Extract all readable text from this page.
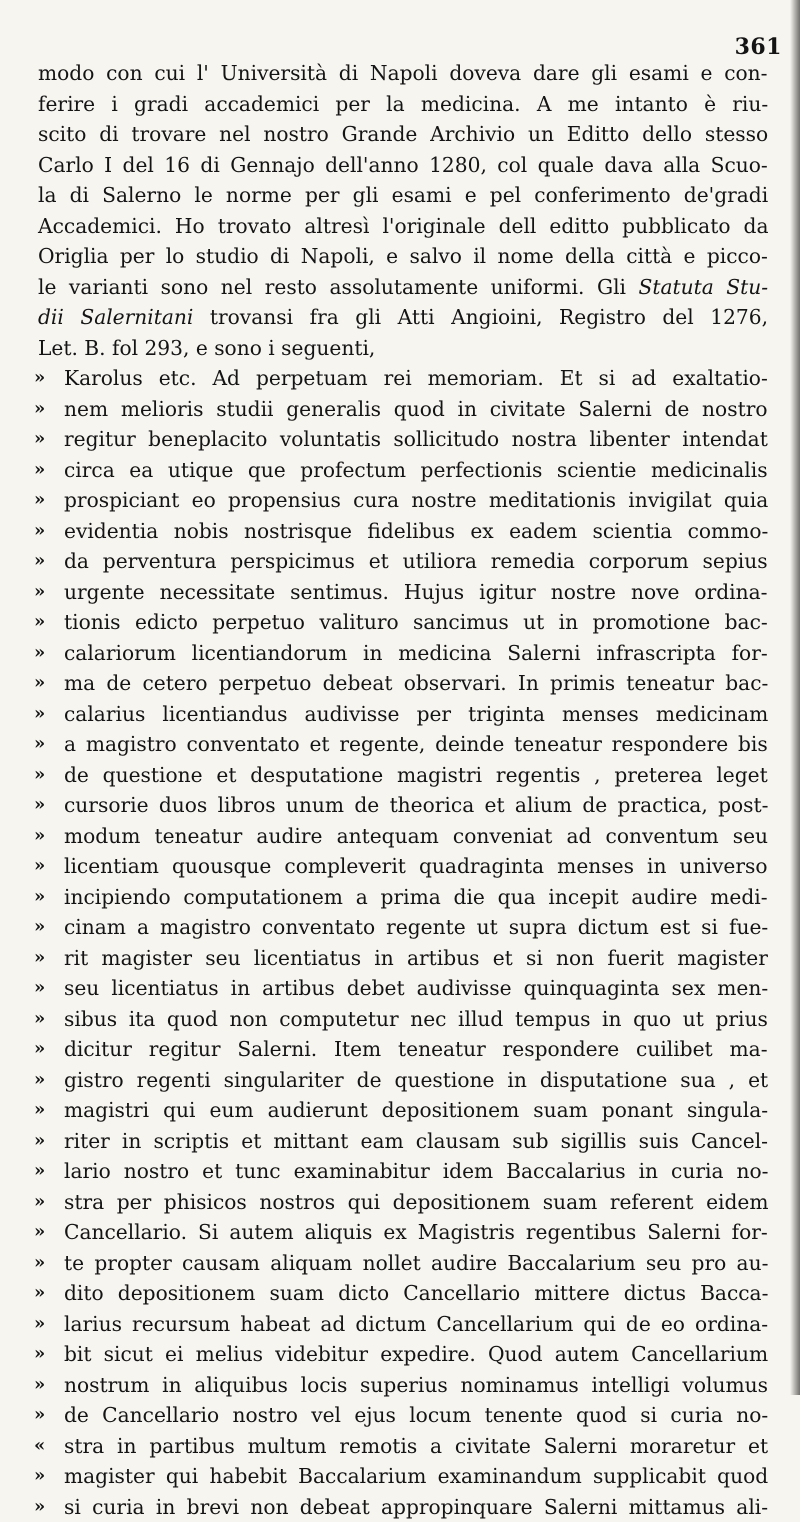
361
modo con cui l' Università di Napoli doveva dare gli esami e con-
ferire i gradi accademici per la medicina. A me intanto è riu-
scito di trovare nel nostro Grande Archivio un Editto dello stesso
Carlo I del 16 di Gennajo dell'anno 1280, col quale dava alla Scuo-
la di Salerno le norme per gli esami e pel conferimento de'gradi
Accademici. Ho trovato altresì l'originale dell editto pubblicato da
Origlia per lo studio di Napoli, e salvo il nome della città e picco-
le varianti sono nel resto assolutamente uniformi. Gli Statuta Stu-
dii Salernitani trovansi fra gli Atti Angioini, Registro del 1276,
Let. B. fol 293, e sono i seguenti,
» Karolus etc. Ad perpetuam rei memoriam. Et si ad exaltatio-
» nem melioris studii generalis quod in civitate Salerni de nostro
» regitur beneplacito voluntatis sollicitudo nostra libenter intendat
» circa ea utique que profectum perfectionis scientie medicinalis
» prospiciant eo propensius cura nostre meditationis invigilat quia
» evidentia nobis nostrisque fidelibus ex eadem scientia commo-
» da perventura perspicimus et utiliora remedia corporum sepius
» urgente necessitate sentimus. Hujus igitur nostre nove ordina-
» tionis edicto perpetuo valituro sancimus ut in promotione bac-
» calariorum licentiandorum in medicina Salerni infrascripta for-
» ma de cetero perpetuo debeat observari. In primis teneatur bac-
» calarius licentiandus audivisse per triginta menses medicinam
» a magistro conventato et regente, deinde teneatur respondere bis
» de questione et desputatione magistri regentis , preterea leget
» cursorie duos libros unum de theorica et alium de practica, post-
» modum teneatur audire antequam conveniat ad conventum seu
» licentiam quousque compleverit quadraginta menses in universo
» incipiendo computationem a prima die qua incepit audire medi-
» cinam a magistro conventato regente ut supra dictum est si fue-
» rit magister seu licentiatus in artibus et si non fuerit magister
» seu licentiatus in artibus debet audivisse quinquaginta sex men-
» sibus ita quod non computetur nec illud tempus in quo ut prius
» dicitur regitur Salerni. Item teneatur respondere cuilibet ma-
» gistro regenti singulariter de questione in disputatione sua , et
» magistri qui eum audierunt depositionem suam ponant singula-
» riter in scriptis et mittant eam clausam sub sigillis suis Cancel-
» lario nostro et tunc examinabitur idem Baccalarius in curia no-
» stra per phisicos nostros qui depositionem suam referent eidem
» Cancellario. Si autem aliquis ex Magistris regentibus Salerni for-
» te propter causam aliquam nollet audire Baccalarium seu pro au-
» dito depositionem suam dicto Cancellario mittere dictus Bacca-
» larius recursum habeat ad dictum Cancellarium qui de eo ordina-
» bit sicut ei melius videbitur expedire. Quod autem Cancellarium
» nostrum in aliquibus locis superius nominamus intelligi volumus
» de Cancellario nostro vel ejus locum tenente quod si curia no-
« stra in partibus multum remotis a civitate Salerni moraretur et
» magister qui habebit Baccalarium examinandum supplicabit quod
» si curia in brevi non debeat appropinquare Salerni mittamus ali-
